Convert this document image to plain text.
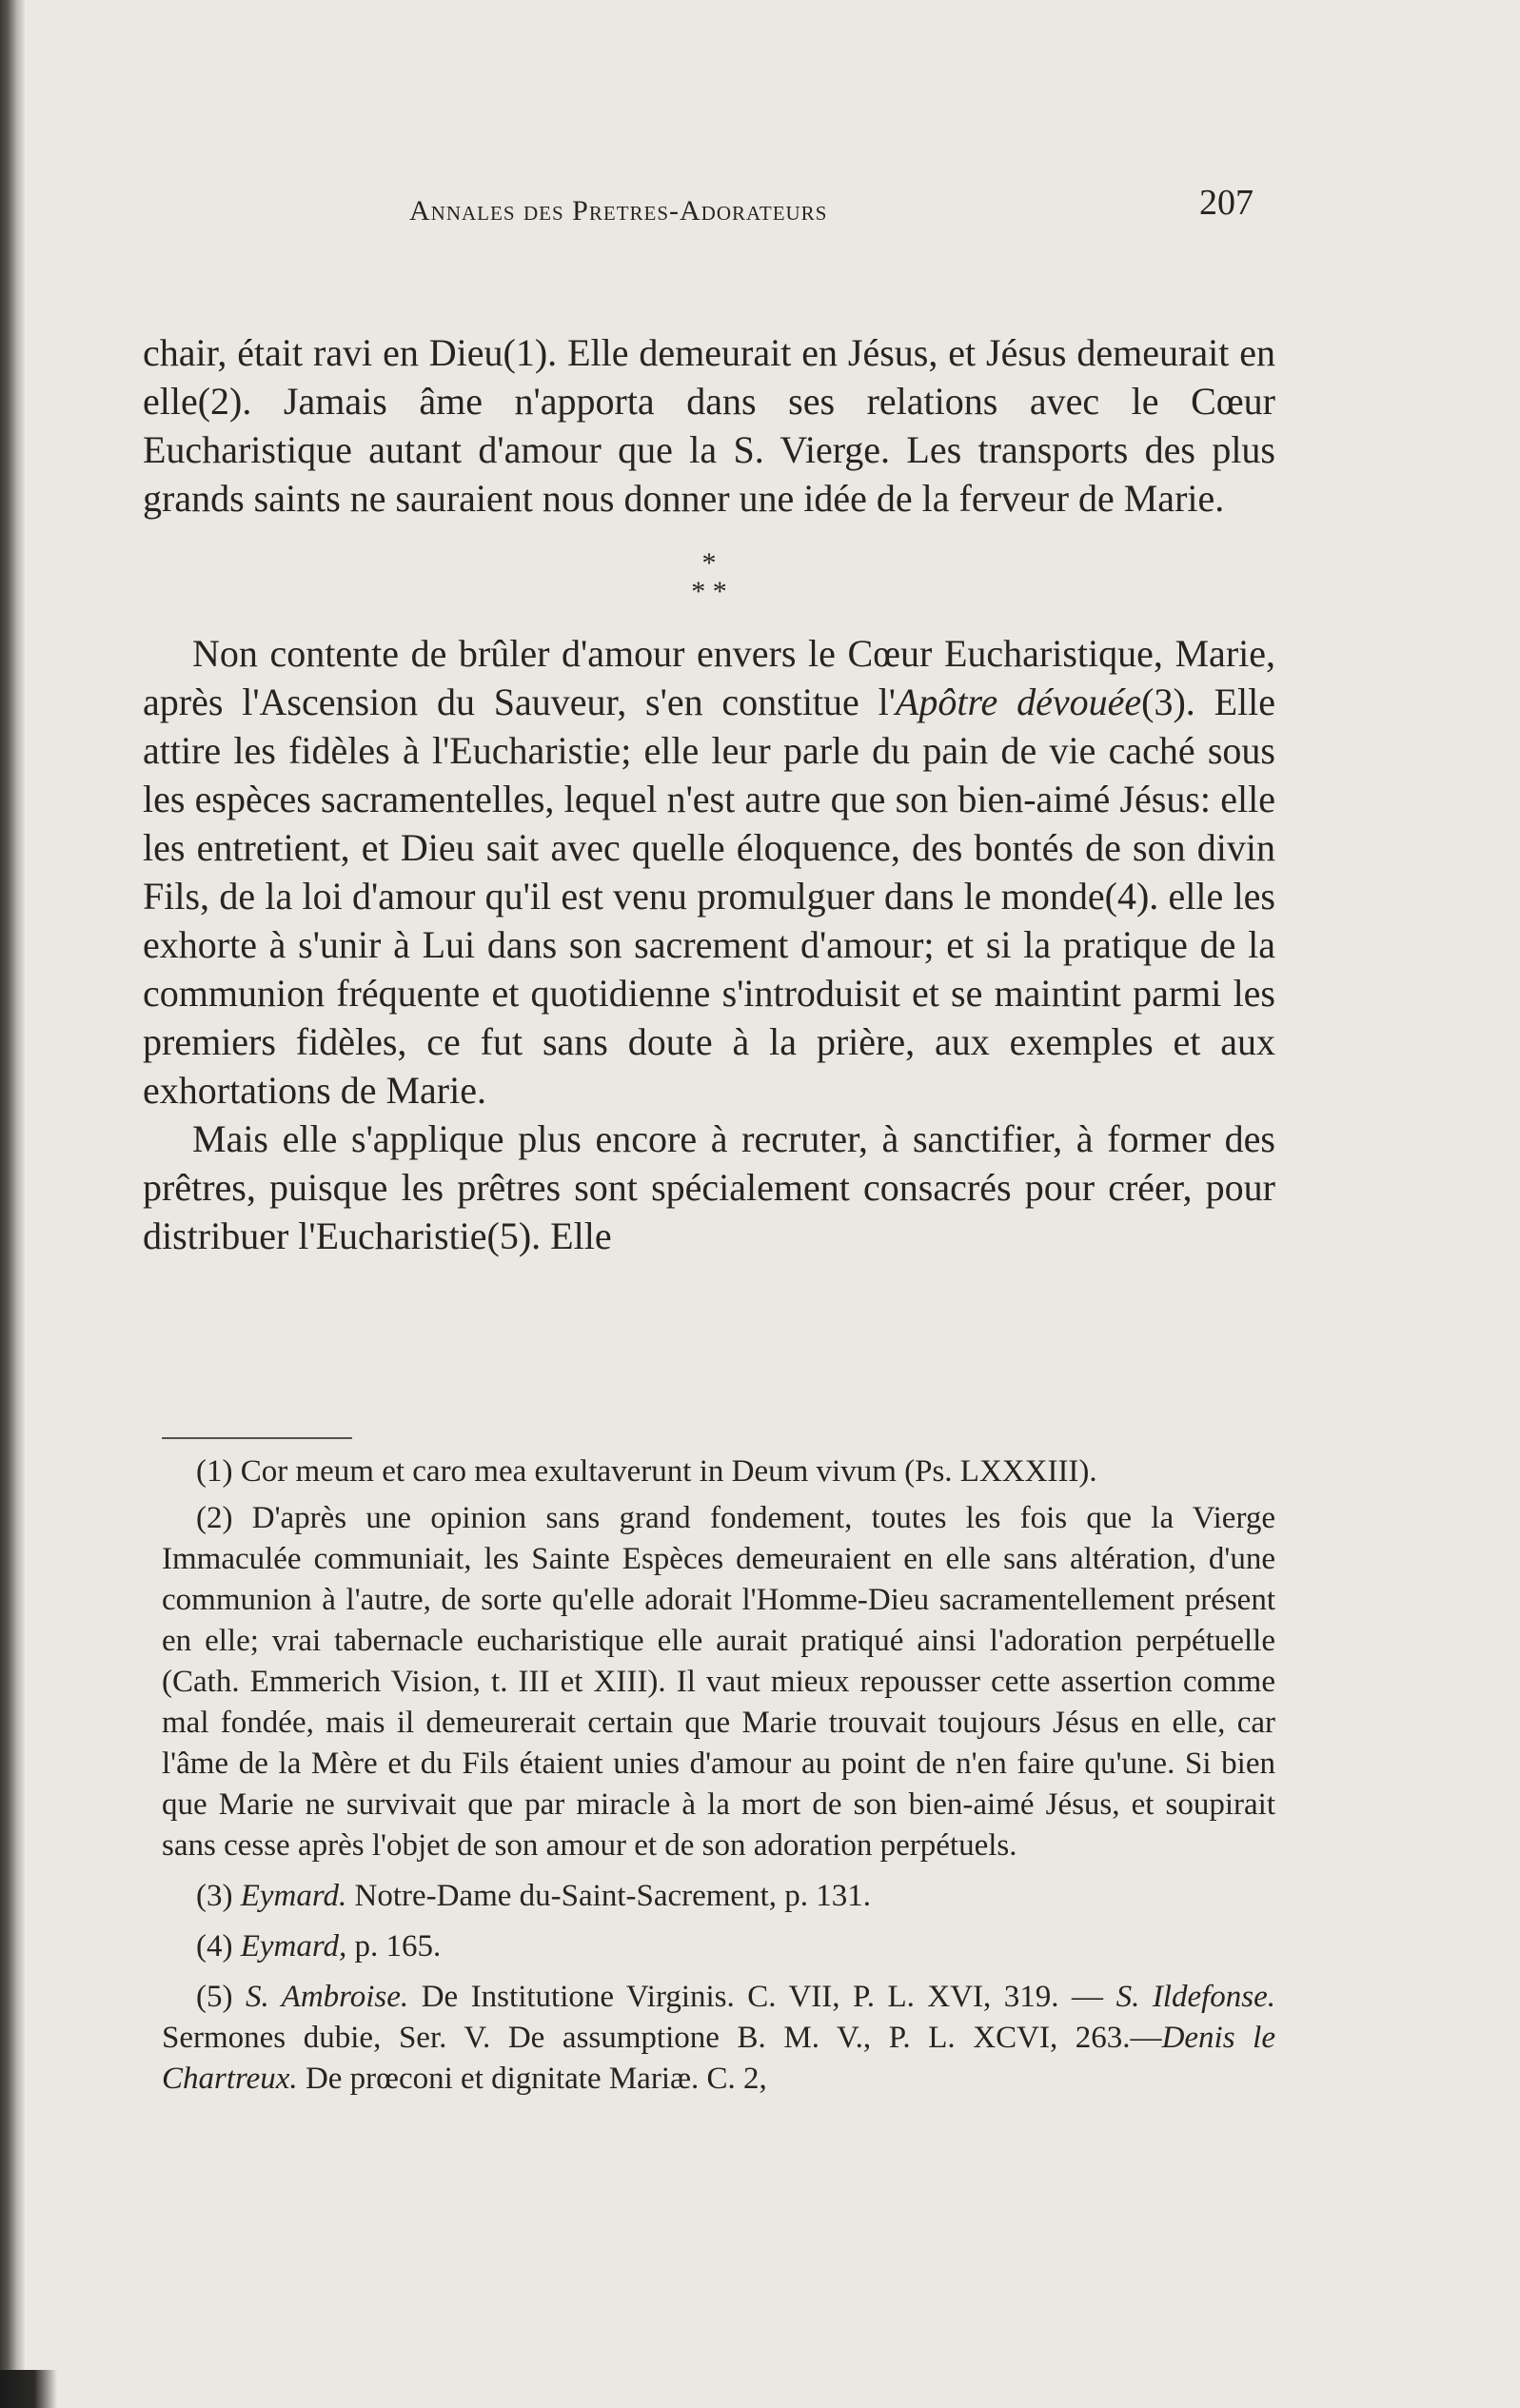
Annales des Pretres-Adorateurs	207

chair, était ravi en Dieu(1). Elle demeurait en Jésus, et Jésus demeurait en elle(2). Jamais âme n'apporta dans ses relations avec le Cœur Eucharistique autant d'amour que la S. Vierge. Les transports des plus grands saints ne sauraient nous donner une idée de la ferveur de Marie.

*
* *

Non contente de brûler d'amour envers le Cœur Eucharistique, Marie, après l'Ascension du Sauveur, s'en constitue l'Apôtre dévouée(3). Elle attire les fidèles à l'Eucharistie; elle leur parle du pain de vie caché sous les espèces sacramentelles, lequel n'est autre que son bien-aimé Jésus: elle les entretient, et Dieu sait avec quelle éloquence, des bontés de son divin Fils, de la loi d'amour qu'il est venu promulguer dans le monde(4). elle les exhorte à s'unir à Lui dans son sacrement d'amour; et si la pratique de la communion fréquente et quotidienne s'introduisit et se maintint parmi les premiers fidèles, ce fut sans doute à la prière, aux exemples et aux exhortations de Marie.

Mais elle s'applique plus encore à recruter, à sanctifier, à former des prêtres, puisque les prêtres sont spécialement consacrés pour créer, pour distribuer l'Eucharistie(5). Elle

(1) Cor meum et caro mea exultaverunt in Deum vivum (Ps. LXXXIII).

(2) D'après une opinion sans grand fondement, toutes les fois que la Vierge Immaculée communiait, les Sainte Espèces demeuraient en elle sans altération, d'une communion à l'autre, de sorte qu'elle adorait l'Homme-Dieu sacramentellement présent en elle; vrai tabernacle eucharistique elle aurait pratiqué ainsi l'adoration perpétuelle (Cath. Emmerich Vision, t. III et XIII). Il vaut mieux repousser cette assertion comme mal fondée, mais il demeurerait certain que Marie trouvait toujours Jésus en elle, car l'âme de la Mère et du Fils étaient unies d'amour au point de n'en faire qu'une. Si bien que Marie ne survivait que par miracle à la mort de son bien-aimé Jésus, et soupirait sans cesse après l'objet de son amour et de son adoration perpétuels.

(3) Eymard. Notre-Dame du-Saint-Sacrement, p. 131.

(4) Eymard, p. 165.

(5) S. Ambroise. De Institutione Virginis. C. VII, P. L. XVI, 319. — S. Ildefonse. Sermones dubie, Ser. V. De assumptione B. M. V., P. L. XCVI, 263.—Denis le Chartreux. De prœconi et dignitate Mariæ. C. 2,
